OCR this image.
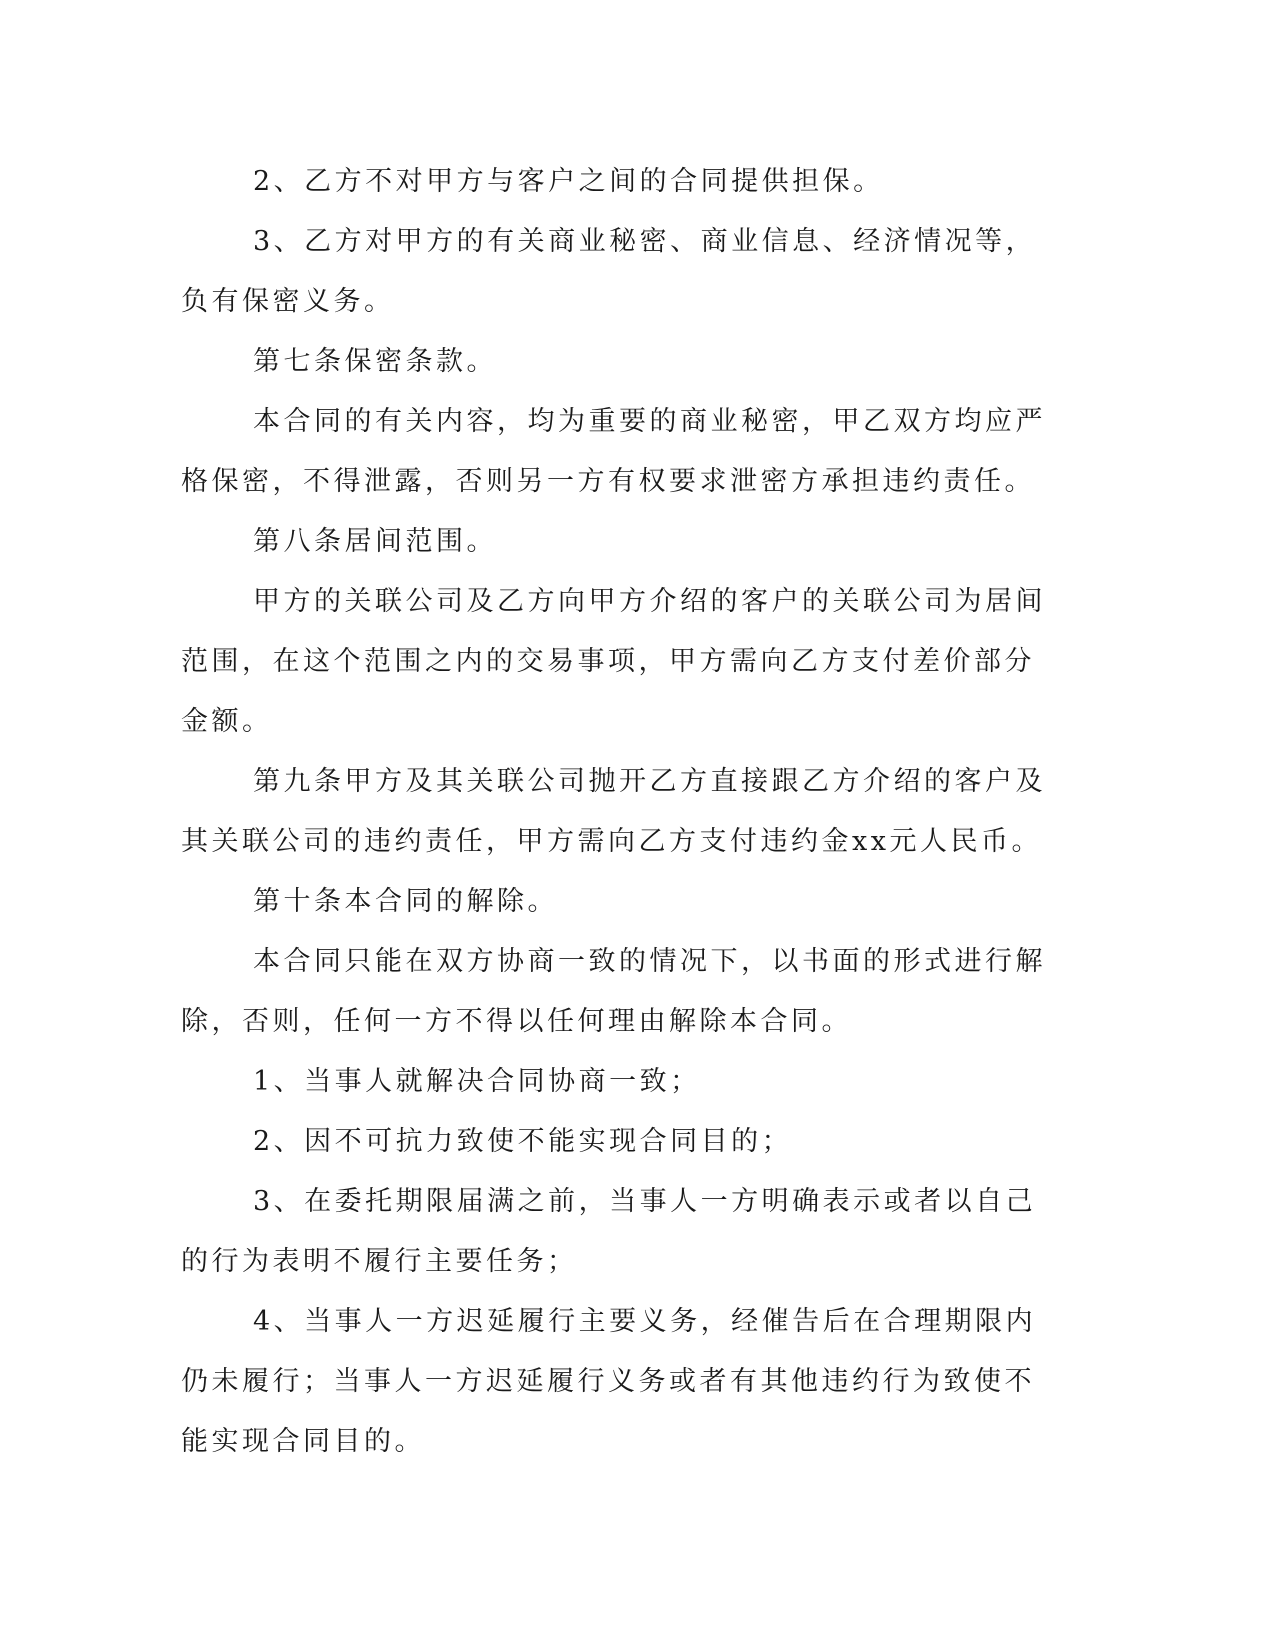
2、乙方不对甲方与客户之间的合同提供担保。

3、乙方对甲方的有关商业秘密、商业信息、经济情况等，负有保密义务。

第七条保密条款。

本合同的有关内容，均为重要的商业秘密，甲乙双方均应严格保密，不得泄露，否则另一方有权要求泄密方承担违约责任。

第八条居间范围。

甲方的关联公司及乙方向甲方介绍的客户的关联公司为居间范围，在这个范围之内的交易事项，甲方需向乙方支付差价部分金额。

第九条甲方及其关联公司抛开乙方直接跟乙方介绍的客户及其关联公司的违约责任，甲方需向乙方支付违约金xx元人民币。

第十条本合同的解除。

本合同只能在双方协商一致的情况下，以书面的形式进行解除，否则，任何一方不得以任何理由解除本合同。

1、当事人就解决合同协商一致；

2、因不可抗力致使不能实现合同目的；

3、在委托期限届满之前，当事人一方明确表示或者以自己的行为表明不履行主要任务；

4、当事人一方迟延履行主要义务，经催告后在合理期限内仍未履行；当事人一方迟延履行义务或者有其他违约行为致使不能实现合同目的。
